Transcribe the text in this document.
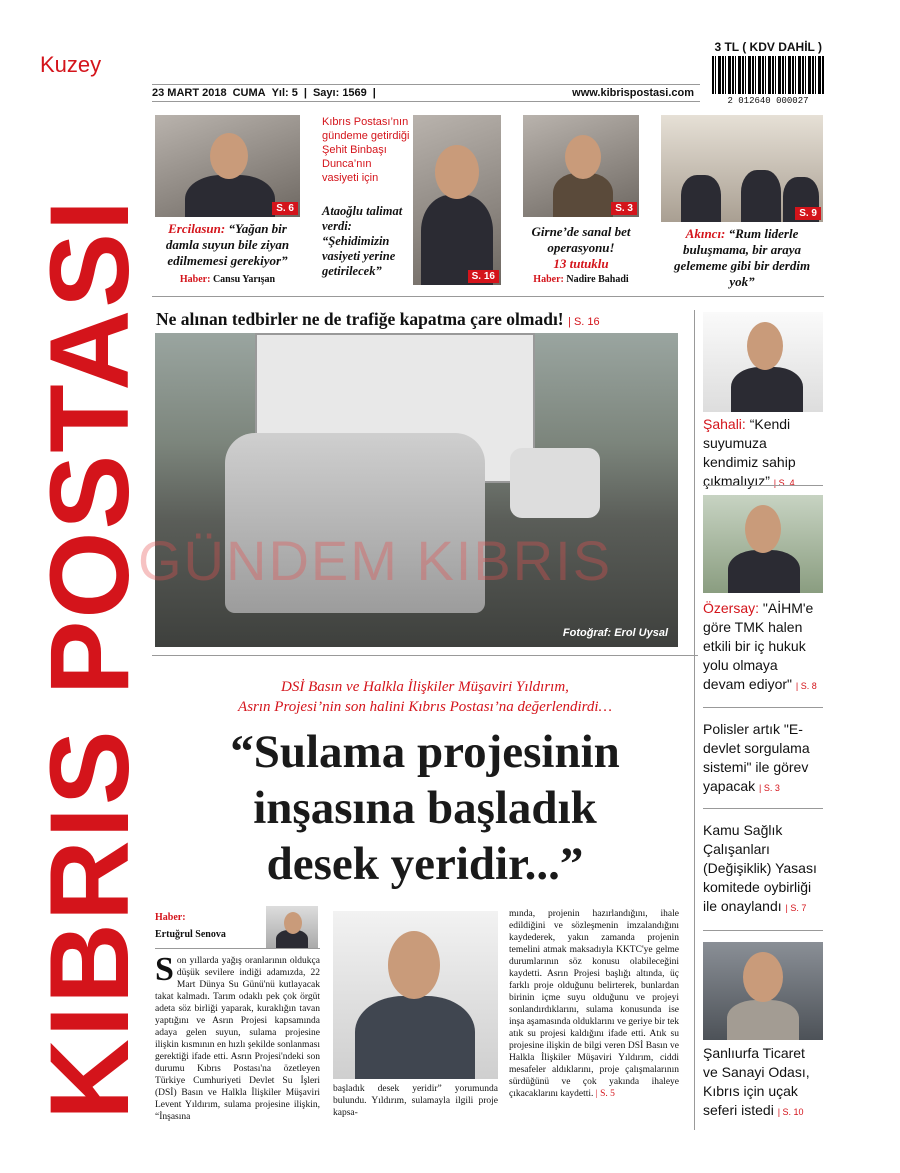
Kuzey
KIBRIS POSTASI
3 TL ( KDV DAHİL )
2 012640 000027
23 MART 2018 CUMA Yıl: 5 | Sayı: 1569 |	www.kibrispostasi.com
S. 6
Ercilasun: “Yağan bir damla suyun bile ziyan edilmemesi gerekiyor”
Haber: Cansu Yarışan
Kıbrıs Postası’nın gündeme getirdiği Şehit Binbaşı Dunca’nın vasiyeti için
Ataoğlu talimat verdi: “Şehidimizin vasiyeti yerine getirilecek”	S. 16
S. 3
Girne’de sanal bet operasyonu!
13 tutuklu
Haber: Nadire Bahadi
S. 9
Akıncı: “Rum liderle buluşmama, bir araya gelememe gibi bir derdim yok”
Ne alınan tedbirler ne de trafiğe kapatma çare olmadı! | S. 16
Fotoğraf: Erol Uysal
GÜNDEM KIBRIS
DSİ Basın ve Halkla İlişkiler Müşaviri Yıldırım,
Asrın Projesi’nin son halini Kıbrıs Postası’na değerlendirdi…
“Sulama projesinin
inşasına başladık
desek yeridir...”
Haber:
Ertuğrul Senova
Son yıllarda yağış oranlarının oldukça düşük sevilere indiği adamızda, 22 Mart Dünya Su Günü'nü kutlayacak takat kalmadı. Tarım odaklı pek çok örgüt adeta söz birliği yaparak, kuraklığın tavan yaptığını ve Asrın Projesi kapsamında adaya gelen suyun, sulama projesine ilişkin kısmının en hızlı şekilde sonlanması gerektiği ifade etti. Asrın Projesi'ndeki son durumu Kıbrıs Postası'na özetleyen Türkiye Cumhuriyeti Devlet Su İşleri (DSİ) Basın ve Halkla İlişkiler Müşaviri Levent Yıldırım, sulama projesine ilişkin, “İnşasına
başladık desek yeridir” yorumunda bulundu. Yıldırım, sulamayla ilgili proje kapsa-
mında, projenin hazırlandığını, ihale edildiğini ve sözleşmenin imzalandığını kaydederek, yakın zamanda projenin temelini atmak maksadıyla KKTC'ye gelme durumlarının söz konusu olabileceğini kaydetti. Asrın Projesi başlığı altında, üç farklı proje olduğunu belirterek, bunlardan birinin içme suyu olduğunu ve projeyi sonlandırdıklarını, sulama konusunda ise inşa aşamasında olduklarını ve geriye bir tek atık su projesi kaldığını ifade etti. Atık su projesine ilişkin de bilgi veren DSİ Basın ve Halkla İlişkiler Müşaviri Yıldırım, ciddi mesafeler aldıklarını, proje çalışmalarının sürdüğünü ve çok yakında ihaleye çıkacaklarını kaydetti. | S. 5
Şahali: “Kendi suyumuza kendimiz sahip çıkmalıyız” | S. 4
Özersay: "AİHM'e göre TMK halen etkili bir iç hukuk yolu olmaya devam ediyor" | S. 8
Polisler artık "E-devlet sorgulama sistemi" ile görev yapacak | S. 3
Kamu Sağlık Çalışanları (Değişiklik) Yasası komitede oybirliği ile onaylandı | S. 7
Şanlıurfa Ticaret ve Sanayi Odası, Kıbrıs için uçak seferi istedi | S. 10
